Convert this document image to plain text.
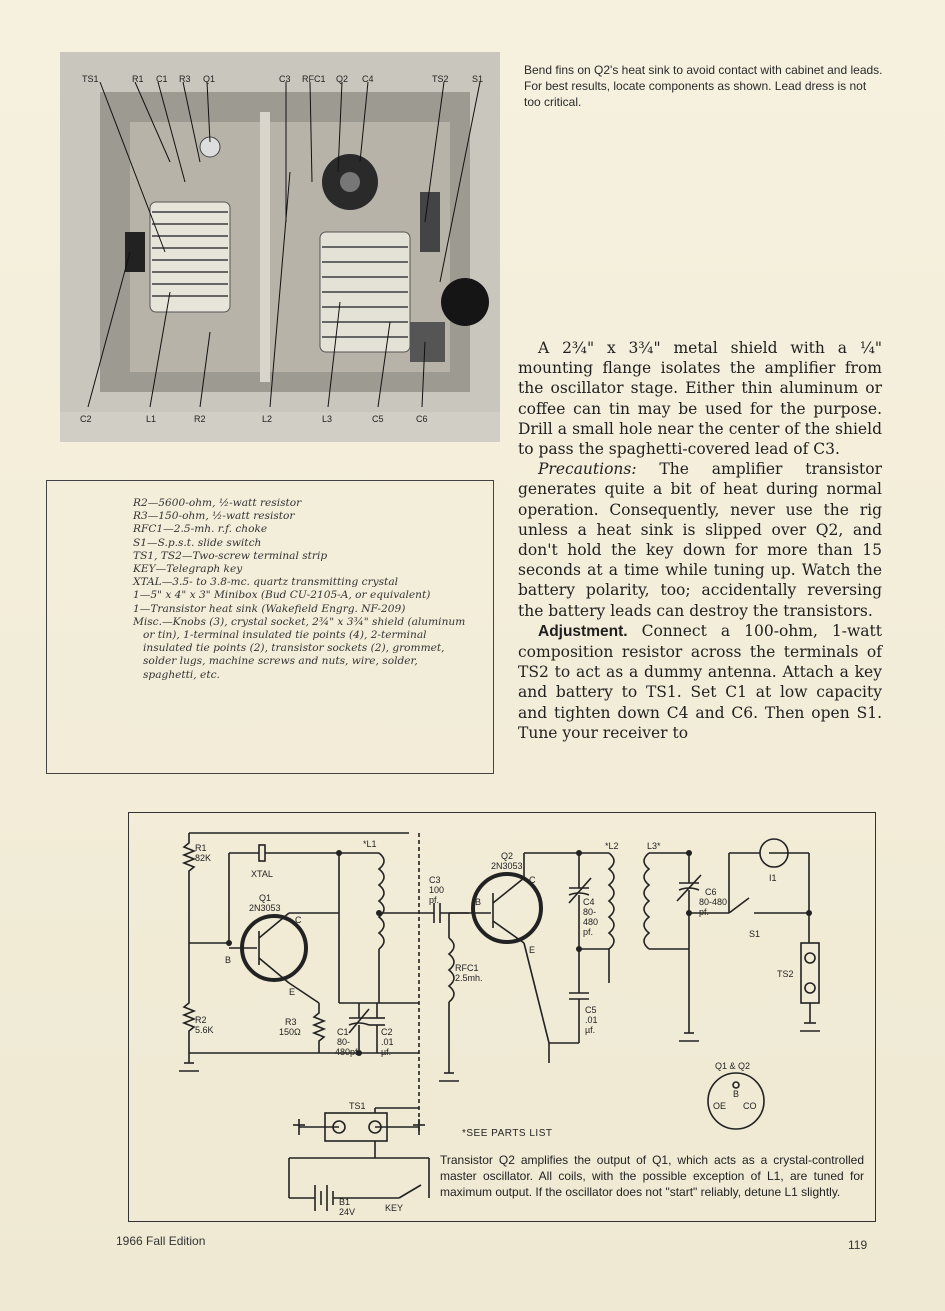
TS1	R1 C1 R3 Q1	C3 RFC1 Q2 C4	TS2	S1
C2	L1	R2	L2	L3	C5	C6
Bend fins on Q2's heat sink to avoid contact with cabinet and leads. For best results, locate components as shown. Lead dress is not too critical.

R2—5600-ohm, ½-watt resistor

R3—150-ohm, ½-watt resistor

RFC1—2.5-mh. r.f. choke

S1—S.p.s.t. slide switch

TS1, TS2—Two-screw terminal strip

KEY—Telegraph key

XTAL—3.5- to 3.8-mc. quartz transmitting crystal

1—5" x 4" x 3" Minibox (Bud CU-2105-A, or equivalent)

1—Transistor heat sink (Wakefield Engrg. NF-209)

Misc.—Knobs (3), crystal socket, 2¾" x 3¾" shield (aluminum or tin), 1-terminal insulated tie points (4), 2-terminal insulated tie points (2), transistor sockets (2), grommet, solder lugs, machine screws and nuts, wire, solder, spaghetti, etc.

A 2¾" x 3¾" metal shield with a ¼" mounting flange isolates the amplifier from the oscillator stage. Either thin aluminum or coffee can tin may be used for the purpose. Drill a small hole near the center of the shield to pass the spaghetti-covered lead of C3.

Precautions: The amplifier transistor generates quite a bit of heat during normal operation. Consequently, never use the rig unless a heat sink is slipped over Q2, and don't hold the key down for more than 15 seconds at a time while tuning up. Watch the battery polarity, too; accidentally reversing the battery leads can destroy the transistors.

Adjustment. Connect a 100-ohm, 1-watt composition resistor across the terminals of TS2 to act as a dummy antenna. Attach a key and battery to TS1. Set C1 at low capacity and tighten down C4 and C6. Then open S1. Tune your receiver to

R1
82K
XTAL
Q1
2N3053
*L1
R2
5.6K
R3
150Ω	C1
80-
480pf.
C2
.01
µf.
C3
100
pf.
Q2
2N3053
*L2	L3*
C4
80-
480
pf.
C6
80-480
pf.
RFC1
2.5mh.
C5
.01
µf.
I1
S1
TS2
TS1
B1
24V	KEY
Q1 & Q2
B
OE CO
B
C
E
B
C
E
*SEE PARTS LIST
Transistor Q2 amplifies the output of Q1, which acts as a crystal-controlled master oscillator. All coils, with the possible exception of L1, are tuned for maximum output. If the oscillator does not "start" reliably, detune L1 slightly.
1966 Fall Edition	119
